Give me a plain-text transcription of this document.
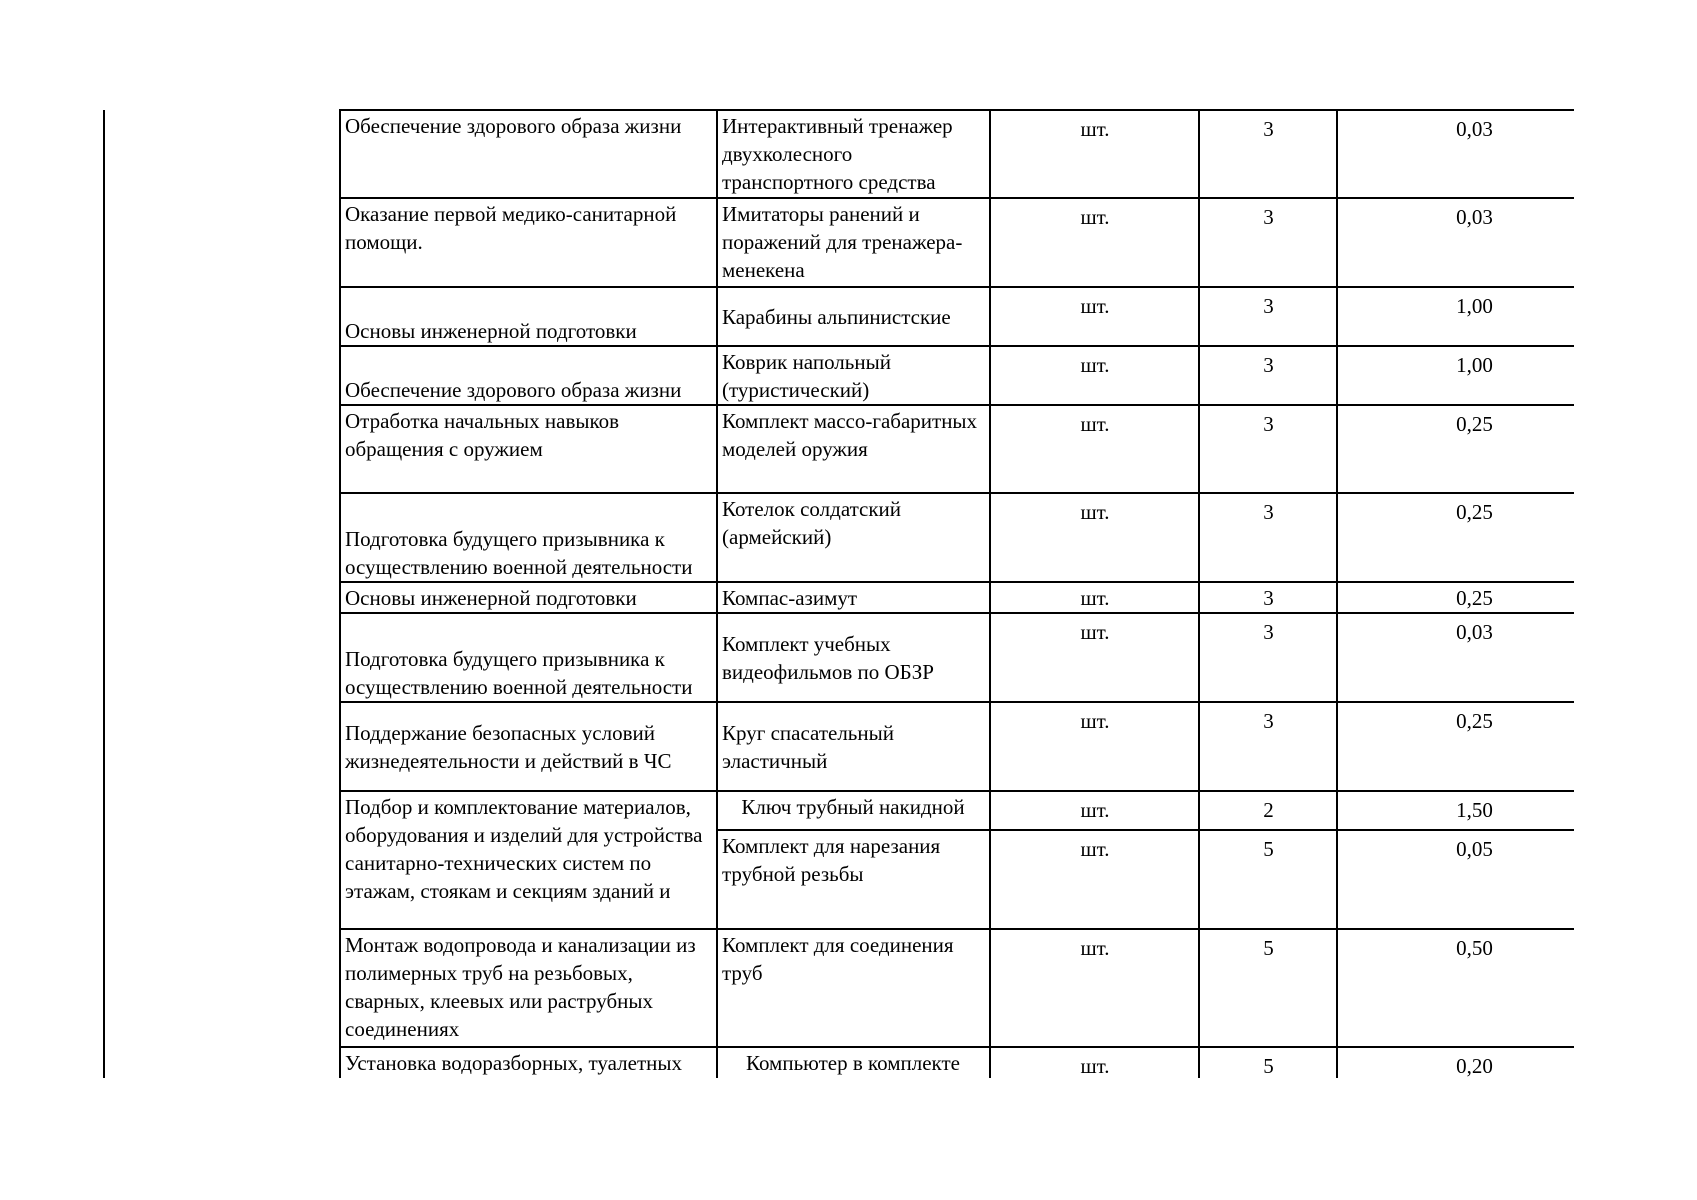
Обеспечение здорового образа жизни	Интерактивный тренажер двухколесного транспортного средства	шт.	3	0,03
Оказание первой медико-санитарной помощи.	Имитаторы ранений и поражений для тренажера-менекена	шт.	3	0,03
Основы инженерной подготовки	Карабины альпинистские	шт.	3	1,00
Обеспечение здорового образа жизни	Коврик напольный (туристический)	шт.	3	1,00
Отработка начальных навыков обращения с оружием	Комплект массо-габаритных моделей оружия	шт.	3	0,25
Подготовка будущего призывника к осуществлению военной деятельности	Котелок солдатский (армейский)	шт.	3	0,25
Основы инженерной подготовки	Компас-азимут	шт.	3	0,25
Подготовка будущего призывника к осуществлению военной деятельности	Комплект учебных видеофильмов по ОБЗР	шт.	3	0,03
Поддержание безопасных условий жизнедеятельности и действий в ЧС	Круг спасательный эластичный	шт.	3	0,25

Подбор и комплектование материалов, оборудования и изделий для устройства санитарно-технических систем по этажам, стоякам и секциям зданий и	Ключ трубный накидной	шт.	2	1,50
	Комплект для нарезания трубной резьбы	шт.	5	0,05
Монтаж водопровода и канализации из полимерных труб на резьбовых, сварных, клеевых или раструбных соединениях	Комплект для соединения труб	шт.	5	0,50
Установка водоразборных, туалетных	Компьютер в комплекте	шт.	5	0,20
